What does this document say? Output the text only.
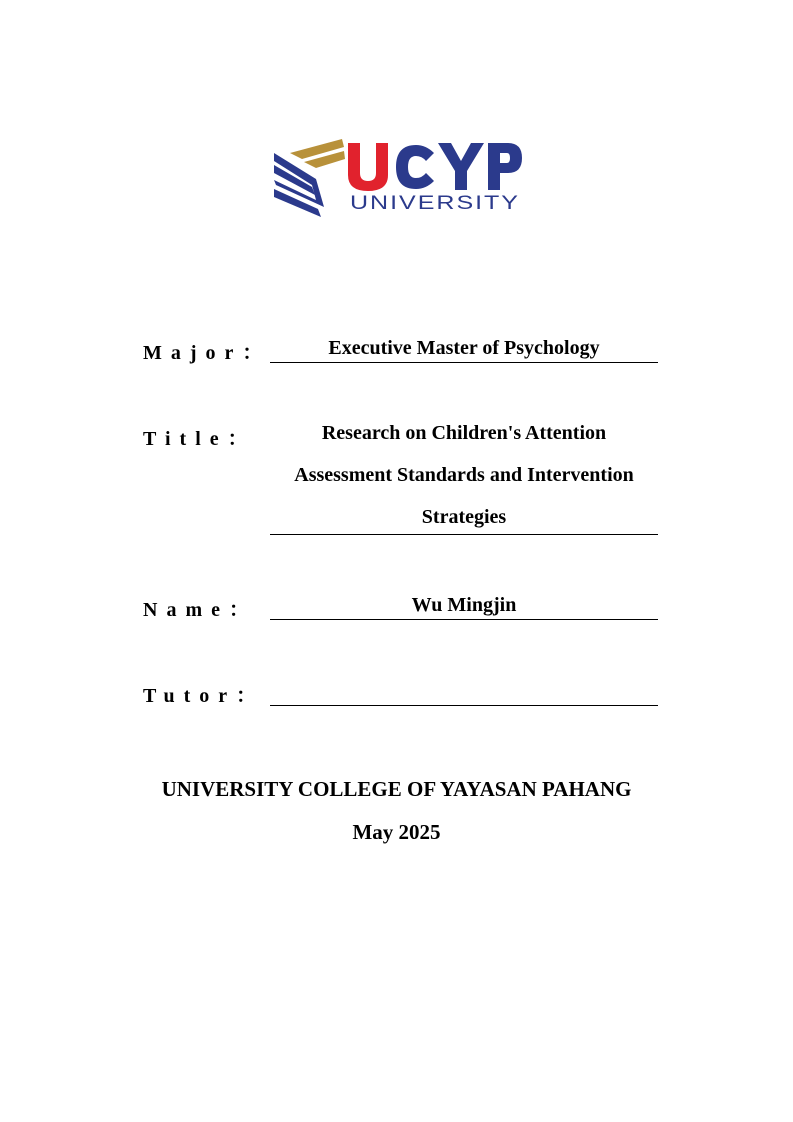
UNIVERSITY
Major：	Executive Master of Psychology
Title：	Research on Children's Attention
Assessment Standards and Intervention
Strategies
Name：	Wu Mingjin
Tutor：
UNIVERSITY COLLEGE OF YAYASAN PAHANG
May 2025
